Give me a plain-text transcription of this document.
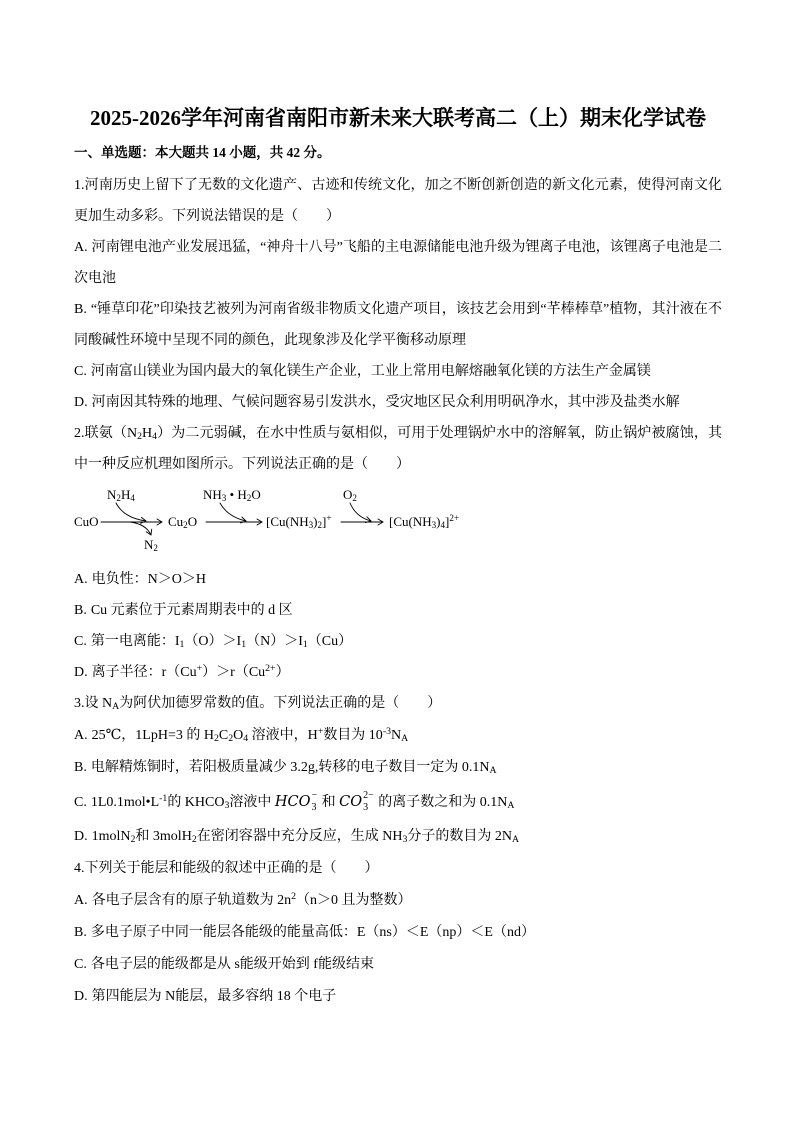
2025-2026学年河南省南阳市新未来大联考高二（上）期末化学试卷
一、单选题：本大题共 14 小题，共 42 分。

1.河南历史上留下了无数的文化遗产、古迹和传统文化，加之不断创新创造的新文化元素，使得河南文化更加生动多彩。下列说法错误的是（　　）

A. 河南锂电池产业发展迅猛，“神舟十八号”飞船的主电源储能电池升级为锂离子电池，该锂离子电池是二次电池

B. “锤草印花”印染技艺被列为河南省级非物质文化遗产项目，该技艺会用到“芊棒棒草”植物，其汁液在不同酸碱性环境中呈现不同的颜色，此现象涉及化学平衡移动原理

C. 河南富山镁业为国内最大的氧化镁生产企业，工业上常用电解熔融氧化镁的方法生产金属镁

D. 河南因其特殊的地理、气候问题容易引发洪水，受灾地区民众利用明矾净水，其中涉及盐类水解

2.联氨$(N_2H_4)$为二元弱碱，在水中性质与氨相似，可用于处理锅炉水中的溶解氧，防止锅炉被腐蚀，其中一种反应机理如图所示。下列说法正确的是（　　）

CuO
$N_2H_4$
$N_2$
$Cu_2O$
$NH_3$ • $H_2O$
$[Cu(NH_3)_2]^+$
$O_2$
$[Cu(NH_3)_4]^{2+}$

A. 电负性：N＞O＞H

B. Cu 元素位于元素周期表中的 d 区

C. 第一电离能：$I_1(O)>I_1(N)>I_1(Cu)$

D. 离子半径：$r(Cu^+)>r(Cu^{2+})$

3.设 $N_A$为阿伏加德罗常数的值。下列说法正确的是（　　）

A. 25℃，1LpH=3 的 $H_2C_2O_4$ 溶液中，H+数目为 $10^{-3}N_A$

B. 电解精炼铜时，若阳极质量减少 3.2g,转移的电子数目一定为 $0.1N_A$

C. $1L0.1mol•L^{-1}$的 $KHCO_3$溶液中 HCO −
3 和 CO 2−
3 的离子数之和为 $0.1N_A$

D. 1molN$_2$和 3molH$_2$在密闭容器中充分反应，生成 $NH_3$分子的数目为 $2N_A$

4.下列关于能层和能级的叙述中正确的是（　　）

A. 各电子层含有的原子轨道数为 $2n^2(n>0$ 且为整数）

B. 多电子原子中同一能层各能级的能量高低：E（ns）＜E（np）＜E（nd）

C. 各电子层的能级都是从 s能级开始到 f能级结束

D. 第四能层为 N能层，最多容纳 18 个电子
